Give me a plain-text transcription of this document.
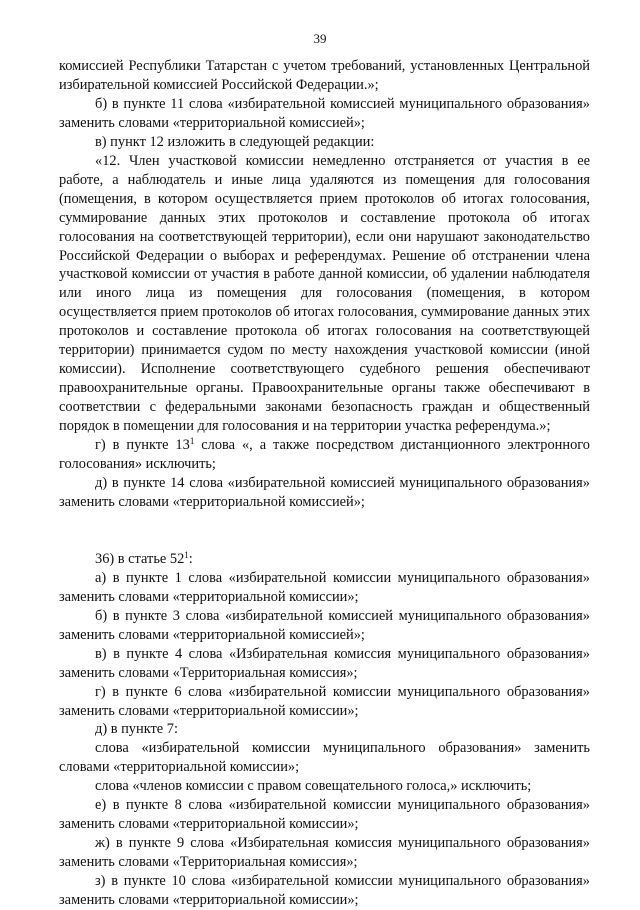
39

комиссией Республики Татарстан с учетом требований, установленных Центральной избирательной комиссией Российской Федерации.»;

б) в пункте 11 слова «избирательной комиссией муниципального образования» заменить словами «территориальной комиссией»;

в) пункт 12 изложить в следующей редакции:

«12. Член участковой комиссии немедленно отстраняется от участия в ее работе, а наблюдатель и иные лица удаляются из помещения для голосования (помещения, в котором осуществляется прием протоколов об итогах голосования, суммирование данных этих протоколов и составление протокола об итогах голосования на соответствующей территории), если они нарушают законодательство Российской Федерации о выборах и референдумах. Решение об отстранении члена участковой комиссии от участия в работе данной комиссии, об удалении наблюдателя или иного лица из помещения для голосования (помещения, в котором осуществляется прием протоколов об итогах голосования, суммирование данных этих протоколов и составление протокола об итогах голосования на соответствующей территории) принимается судом по месту нахождения участковой комиссии (иной комиссии). Исполнение соответствующего судебного решения обеспечивают правоохранительные органы. Правоохранительные органы также обеспечивают в соответствии с федеральными законами безопасность граждан и общественный порядок в помещении для голосования и на территории участка референдума.»;

г) в пункте $13^1$ слова «, а также посредством дистанционного электронного голосования» исключить;

д) в пункте 14 слова «избирательной комиссией муниципального образования» заменить словами «территориальной комиссией»;

36) в статье $52^1$:

а) в пункте 1 слова «избирательной комиссии муниципального образования» заменить словами «территориальной комиссии»;

б) в пункте 3 слова «избирательной комиссией муниципального образования» заменить словами «территориальной комиссией»;

в) в пункте 4 слова «Избирательная комиссия муниципального образования» заменить словами «Территориальная комиссия»;

г) в пункте 6 слова «избирательной комиссии муниципального образования» заменить словами «территориальной комиссии»;

д) в пункте 7:

слова «избирательной комиссии муниципального образования» заменить словами «территориальной комиссии»;

слова «членов комиссии с правом совещательного голоса,» исключить;

е) в пункте 8 слова «избирательной комиссии муниципального образования» заменить словами «территориальной комиссии»;

ж) в пункте 9 слова «Избирательная комиссия муниципального образования» заменить словами «Территориальная комиссия»;

з) в пункте 10 слова «избирательной комиссии муниципального образования» заменить словами «территориальной комиссии»;
